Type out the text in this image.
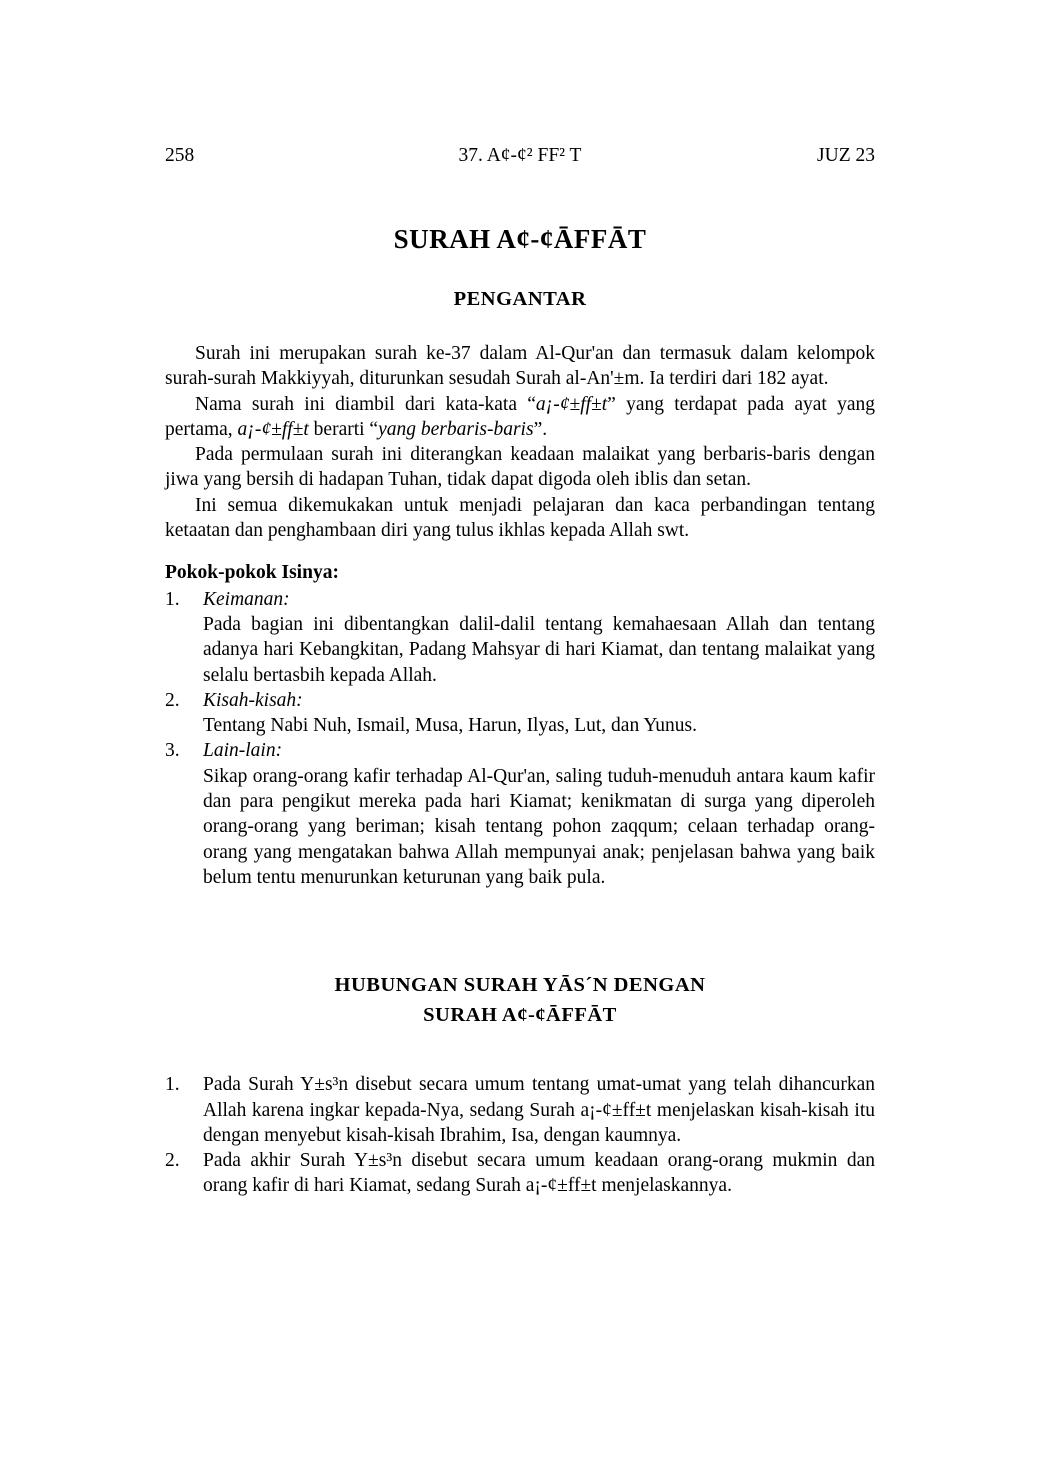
258	37. A¢-¢² FF² T	JUZ 23
SURAH A¢-¢ĀFFĀT
PENGANTAR

Surah ini merupakan surah ke-37 dalam Al-Qur'an dan termasuk dalam kelompok surah-surah Makkiyyah, diturunkan sesudah Surah al-An'±m. Ia terdiri dari 182 ayat.

Nama surah ini diambil dari kata-kata “a¡-¢±ff±t” yang terdapat pada ayat yang pertama, a¡-¢±ff±t berarti “yang berbaris-baris”.

Pada permulaan surah ini diterangkan keadaan malaikat yang berbaris-baris dengan jiwa yang bersih di hadapan Tuhan, tidak dapat digoda oleh iblis dan setan.

Ini semua dikemukakan untuk menjadi pelajaran dan kaca perbandingan tentang ketaatan dan penghambaan diri yang tulus ikhlas kepada Allah swt.

Pokok-pokok Isinya:
1.	Keimanan:
Pada bagian ini dibentangkan dalil-dalil tentang kemahaesaan Allah dan tentang adanya hari Kebangkitan, Padang Mahsyar di hari Kiamat, dan tentang malaikat yang selalu bertasbih kepada Allah.
2.	Kisah-kisah:
Tentang Nabi Nuh, Ismail, Musa, Harun, Ilyas, Lut, dan Yunus.
3.	Lain-lain:
Sikap orang-orang kafir terhadap Al-Qur'an, saling tuduh-menuduh antara kaum kafir dan para pengikut mereka pada hari Kiamat; kenikmatan di surga yang diperoleh orang-orang yang beriman; kisah tentang pohon zaqqum; celaan terhadap orang-orang yang mengatakan bahwa Allah mempunyai anak; penjelasan bahwa yang baik belum tentu menurunkan keturunan yang baik pula.
HUBUNGAN SURAH YĀS´N DENGAN
SURAH A¢-¢ĀFFĀT
1.	Pada Surah Y±s³n disebut secara umum tentang umat-umat yang telah dihancurkan Allah karena ingkar kepada-Nya, sedang Surah a¡-¢±ff±t menjelaskan kisah-kisah itu dengan menyebut kisah-kisah Ibrahim, Isa, dengan kaumnya.
2.	Pada akhir Surah Y±s³n disebut secara umum keadaan orang-orang mukmin dan orang kafir di hari Kiamat, sedang Surah a¡-¢±ff±t menjelaskannya.
